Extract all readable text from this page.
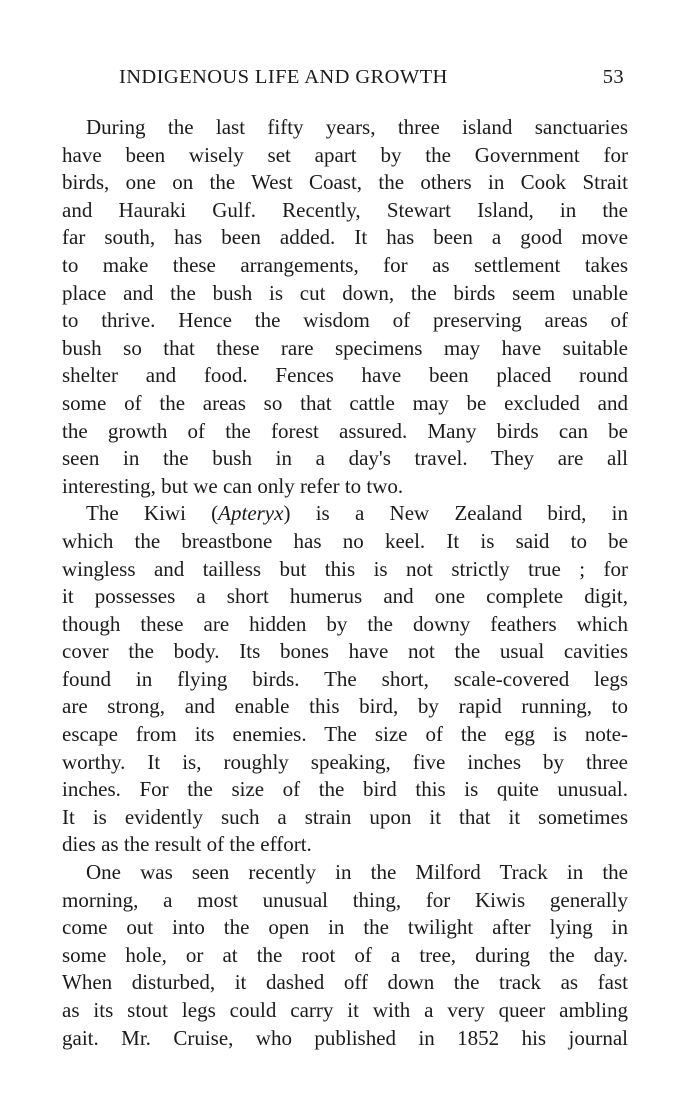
INDIGENOUS LIFE AND GROWTH	53
During the last fifty years, three island sanctuaries
have been wisely set apart by the Government for
birds, one on the West Coast, the others in Cook Strait
and Hauraki Gulf. Recently, Stewart Island, in the
far south, has been added. It has been a good move
to make these arrangements, for as settlement takes
place and the bush is cut down, the birds seem unable
to thrive. Hence the wisdom of preserving areas of
bush so that these rare specimens may have suitable
shelter and food. Fences have been placed round
some of the areas so that cattle may be excluded and
the growth of the forest assured. Many birds can be
seen in the bush in a day's travel. They are all
interesting, but we can only refer to two.
The Kiwi (Apteryx) is a New Zealand bird, in
which the breastbone has no keel. It is said to be
wingless and tailless but this is not strictly true ; for
it possesses a short humerus and one complete digit,
though these are hidden by the downy feathers which
cover the body. Its bones have not the usual cavities
found in flying birds. The short, scale-covered legs
are strong, and enable this bird, by rapid running, to
escape from its enemies. The size of the egg is note-
worthy. It is, roughly speaking, five inches by three
inches. For the size of the bird this is quite unusual.
It is evidently such a strain upon it that it sometimes
dies as the result of the effort.
One was seen recently in the Milford Track in the
morning, a most unusual thing, for Kiwis generally
come out into the open in the twilight after lying in
some hole, or at the root of a tree, during the day.
When disturbed, it dashed off down the track as fast
as its stout legs could carry it with a very queer ambling
gait. Mr. Cruise, who published in 1852 his journal
